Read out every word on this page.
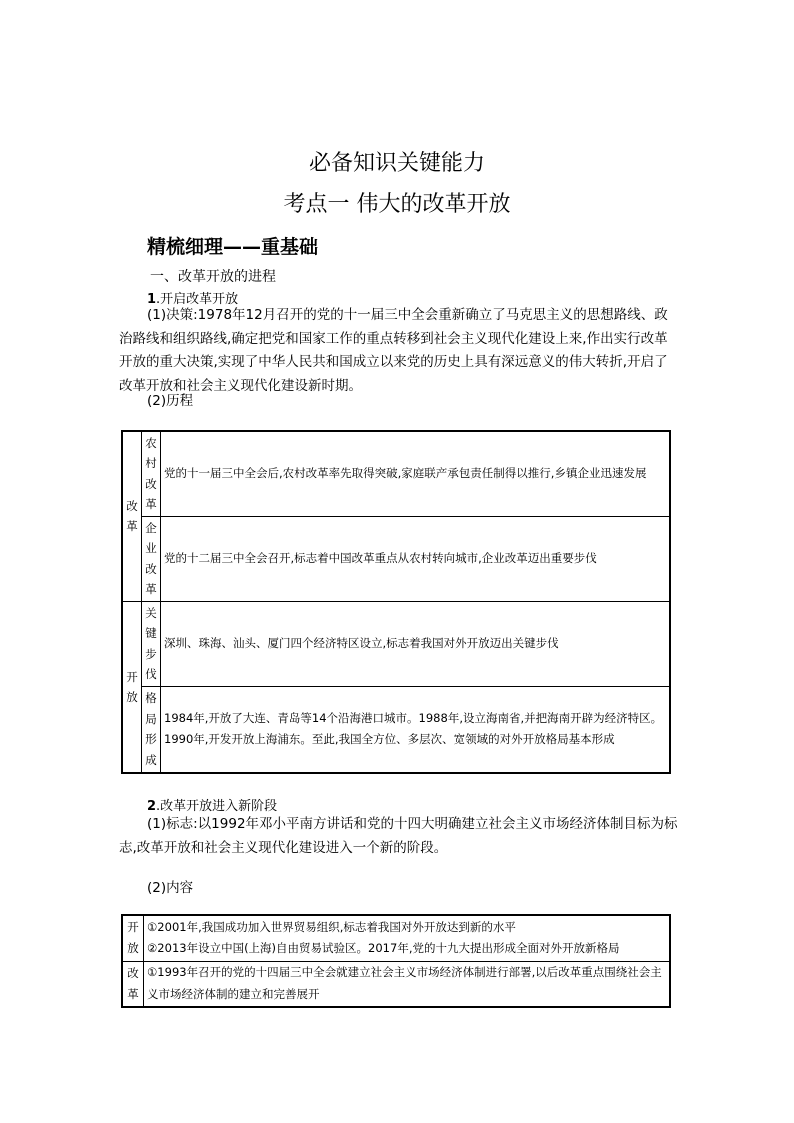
必备知识关键能力
考点一 伟大的改革开放
精梳细理——重基础
一、改革开放的进程
1.开启改革开放
(1)决策:1978年12月召开的党的十一届三中全会重新确立了马克思主义的思想路线、政治路线和组织路线,确定把党和国家工作的重点转移到社会主义现代化建设上来,作出实行改革开放的重大决策,实现了中华人民共和国成立以来党的历史上具有深远意义的伟大转折,开启了改革开放和社会主义现代化建设新时期。
(2)历程
改革	农村改革	党的十一届三中全会后,农村改革率先取得突破,家庭联产承包责任制得以推行,乡镇企业迅速发展
	企业改革	党的十二届三中全会召开,标志着中国改革重点从农村转向城市,企业改革迈出重要步伐
开放	关键步伐	深圳、珠海、汕头、厦门四个经济特区设立,标志着我国对外开放迈出关键步伐
	格局形成	1984年,开放了大连、青岛等14个沿海港口城市。1988年,设立海南省,并把海南开辟为经济特区。1990年,开发开放上海浦东。至此,我国全方位、多层次、宽领域的对外开放格局基本形成
2.改革开放进入新阶段
(1)标志:以1992年邓小平南方讲话和党的十四大明确建立社会主义市场经济体制目标为标志,改革开放和社会主义现代化建设进入一个新的阶段。
(2)内容
开放	①2001年,我国成功加入世界贸易组织,标志着我国对外开放达到新的水平
②2013年设立中国(上海)自由贸易试验区。2017年,党的十九大提出形成全面对外开放新格局

改革	①1993年召开的党的十四届三中全会就建立社会主义市场经济体制进行部署,以后改革重点围绕社会主义市场经济体制的建立和完善展开
